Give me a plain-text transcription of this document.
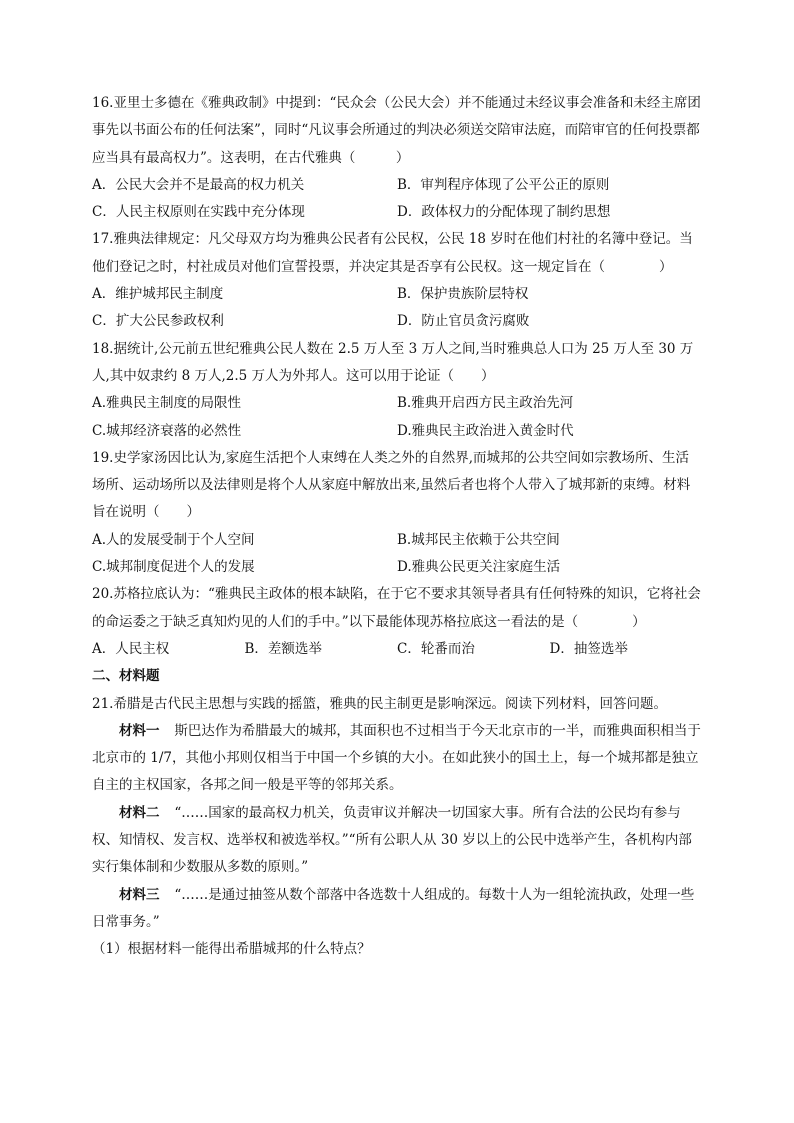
16.亚里士多德在《雅典政制》中提到：“民众会（公民大会）并不能通过未经议事会准备和未经主席团事先以书面公布的任何法案”，同时“凡议事会所通过的判决必须送交陪审法庭，而陪审官的任何投票都应当具有最高权力”。这表明，在古代雅典（　　　）

A．公民大会并不是最高的权力机关	B．审判程序体现了公平公正的原则

C．人民主权原则在实践中充分体现	D．政体权力的分配体现了制约思想

17.雅典法律规定：凡父母双方均为雅典公民者有公民权，公民 18 岁时在他们村社的名簿中登记。当他们登记之时，村社成员对他们宣誓投票，并决定其是否享有公民权。这一规定旨在（　　　　）

A．维护城邦民主制度	B．保护贵族阶层特权

C．扩大公民参政权利	D．防止官员贪污腐败

18.据统计,公元前五世纪雅典公民人数在 2.5 万人至 3 万人之间,当时雅典总人口为 25 万人至 30 万人,其中奴隶约 8 万人,2.5 万人为外邦人。这可以用于论证（　　）

A.雅典民主制度的局限性	B.雅典开启西方民主政治先河

C.城邦经济衰落的必然性	D.雅典民主政治进入黄金时代

19.史学家汤因比认为,家庭生活把个人束缚在人类之外的自然界,而城邦的公共空间如宗教场所、生活场所、运动场所以及法律则是将个人从家庭中解放出来,虽然后者也将个人带入了城邦新的束缚。材料旨在说明（　　）

A.人的发展受制于个人空间	B.城邦民主依赖于公共空间

C.城邦制度促进个人的发展	D.雅典公民更关注家庭生活

20.苏格拉底认为：“雅典民主政体的根本缺陷，在于它不要求其领导者具有任何特殊的知识，它将社会的命运委之于缺乏真知灼见的人们的手中。”以下最能体现苏格拉底这一看法的是（　　　　）

A．人民主权	B．差额选举	C．轮番而治	D．抽签选举

二、材料题

21.希腊是古代民主思想与实践的摇篮，雅典的民主制更是影响深远。阅读下列材料，回答问题。

材料一 斯巴达作为希腊最大的城邦，其面积也不过相当于今天北京市的一半，而雅典面积相当于北京市的 1/7，其他小邦则仅相当于中国一个乡镇的大小。在如此狭小的国土上，每一个城邦都是独立自主的主权国家，各邦之间一般是平等的邻邦关系。

材料二 “……国家的最高权力机关，负责审议并解决一切国家大事。所有合法的公民均有参与权、知情权、发言权、选举权和被选举权。”“所有公职人从 30 岁以上的公民中选举产生，各机构内部实行集体制和少数服从多数的原则。”

材料三 “……是通过抽签从数个部落中各选数十人组成的。每数十人为一组轮流执政，处理一些日常事务。”

（1）根据材料一能得出希腊城邦的什么特点？
